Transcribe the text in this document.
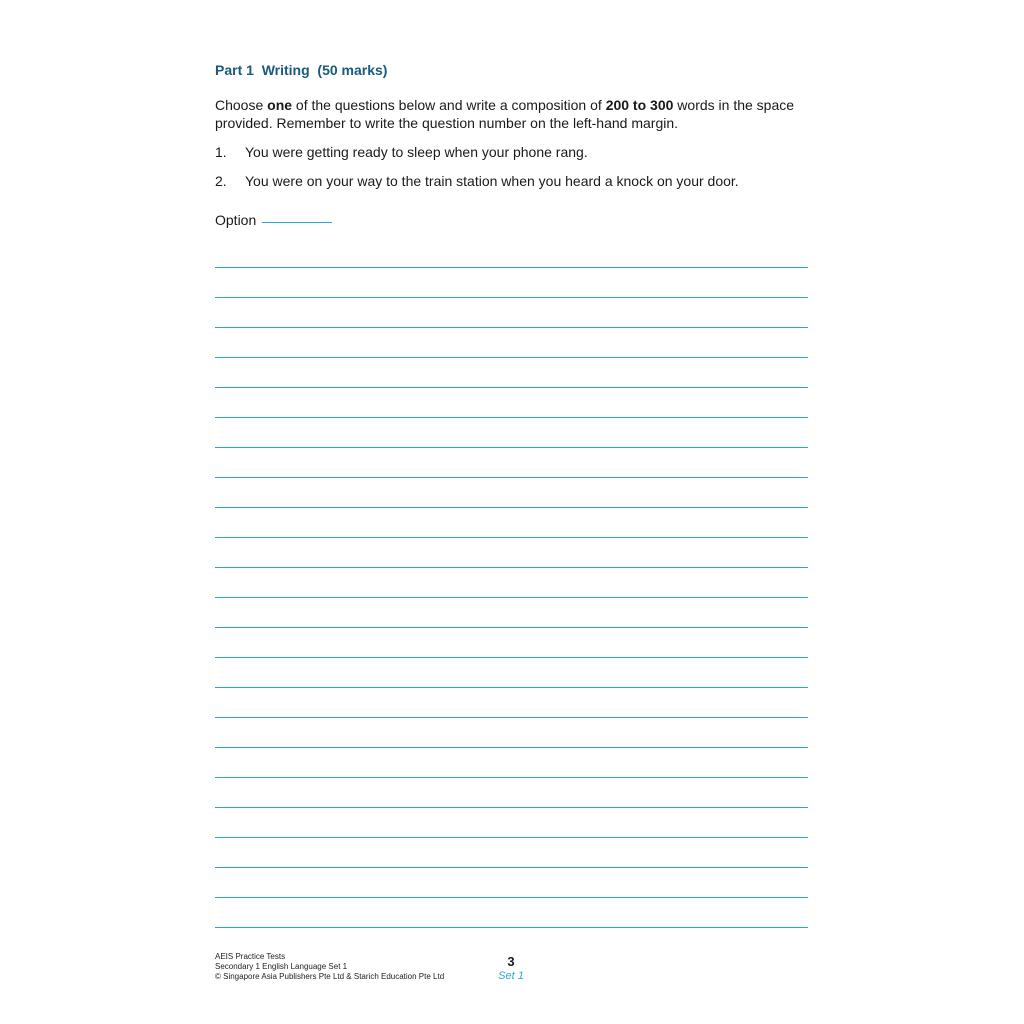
Part 1  Writing  (50 marks)
Choose one of the questions below and write a composition of 200 to 300 words in the space provided. Remember to write the question number on the left-hand margin.
1. You were getting ready to sleep when your phone rang.
2. You were on your way to the train station when you heard a knock on your door.
Option
AEIS Practice Tests
Secondary 1 English Language Set 1
© Singapore Asia Publishers Pte Ltd & Starich Education Pte Ltd
3
Set 1
